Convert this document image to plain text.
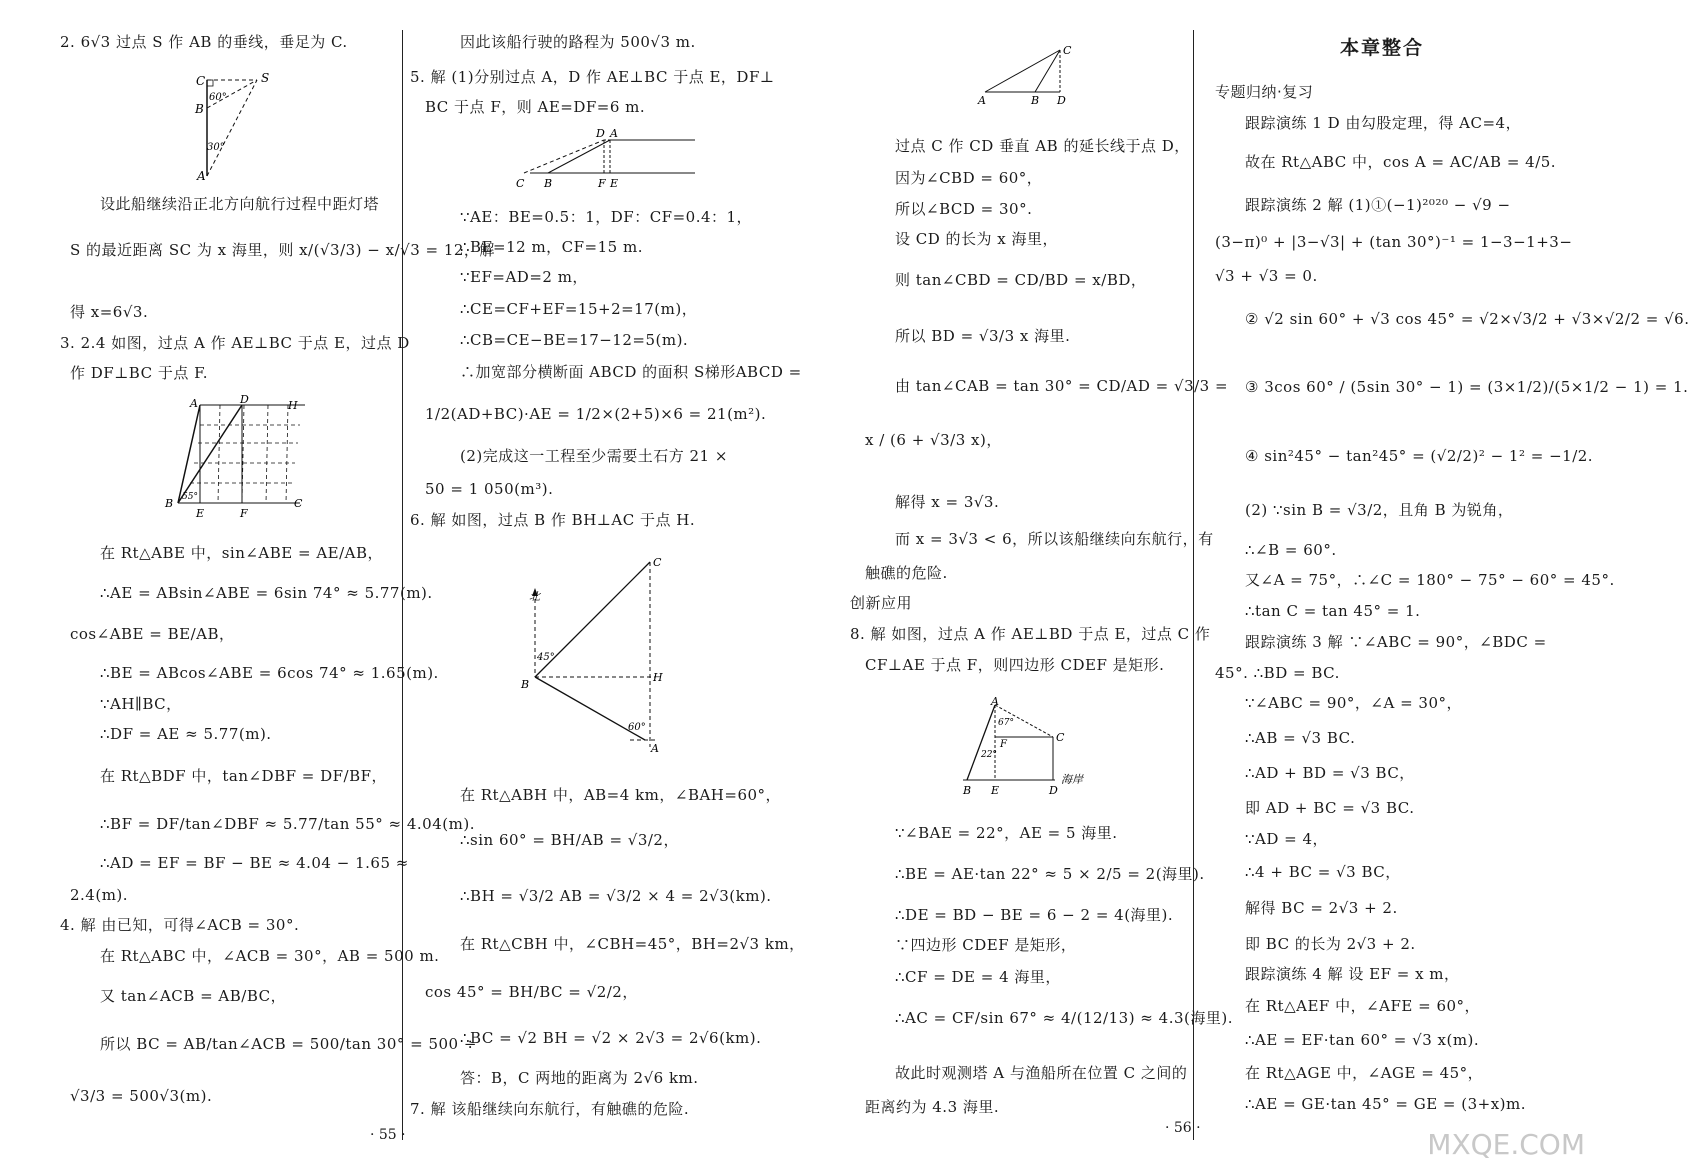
2. 6√3 过点 S 作 AB 的垂线，垂足为 C.
设此船继续沿正北方向航行过程中距灯塔
S 的最近距离 SC 为 x 海里，则 x/(√3/3) − x/√3 = 12，解
得 x=6√3.
3. 2.4 如图，过点 A 作 AE⊥BC 于点 E，过点 D
作 DF⊥BC 于点 F.
在 Rt△ABE 中，sin∠ABE = AE/AB，
∴AE = ABsin∠ABE = 6sin 74° ≈ 5.77(m).
cos∠ABE = BE/AB，
∴BE = ABcos∠ABE = 6cos 74° ≈ 1.65(m).
∵AH∥BC，
∴DF = AE ≈ 5.77(m).
在 Rt△BDF 中，tan∠DBF = DF/BF，
∴BF = DF/tan∠DBF ≈ 5.77/tan 55° ≈ 4.04(m).
∴AD = EF = BF − BE ≈ 4.04 − 1.65 ≈
2.4(m).
4. 解 由已知，可得∠ACB = 30°.
在 Rt△ABC 中，∠ACB = 30°，AB = 500 m.
又 tan∠ACB = AB/BC，
所以 BC = AB/tan∠ACB = 500/tan 30° = 500 ÷
√3/3 = 500√3(m).
因此该船行驶的路程为 500√3 m.
5. 解 (1)分别过点 A，D 作 AE⊥BC 于点 E，DF⊥
BC 于点 F，则 AE=DF=6 m.
∵AE：BE=0.5：1，DF：CF=0.4：1，
∴BE=12 m，CF=15 m.
∵EF=AD=2 m，
∴CE=CF+EF=15+2=17(m)，
∴CB=CE−BE=17−12=5(m).
∴加宽部分横断面 ABCD 的面积 S梯形ABCD =
1/2(AD+BC)·AE = 1/2×(2+5)×6 = 21(m²).
(2)完成这一工程至少需要土石方 21 ×
50 = 1 050(m³).
6. 解 如图，过点 B 作 BH⊥AC 于点 H.
在 Rt△ABH 中，AB=4 km，∠BAH=60°，
∴sin 60° = BH/AB = √3/2，
∴BH = √3/2 AB = √3/2 × 4 = 2√3(km).
在 Rt△CBH 中，∠CBH=45°，BH=2√3 km，
cos 45° = BH/BC = √2/2，
∴BC = √2 BH = √2 × 2√3 = 2√6(km).
答：B，C 两地的距离为 2√6 km.
7. 解 该船继续向东航行，有触礁的危险.
过点 C 作 CD 垂直 AB 的延长线于点 D，
因为∠CBD = 60°，
所以∠BCD = 30°.
设 CD 的长为 x 海里，
则 tan∠CBD = CD/BD = x/BD，
所以 BD = √3/3 x 海里.
由 tan∠CAB = tan 30° = CD/AD = √3/3 =
x / (6 + √3/3 x)，
解得 x = 3√3.
而 x = 3√3 < 6，所以该船继续向东航行，有
触礁的危险.
创新应用
8. 解 如图，过点 A 作 AE⊥BD 于点 E，过点 C 作
CF⊥AE 于点 F，则四边形 CDEF 是矩形.
∵∠BAE = 22°，AE = 5 海里.
∴BE = AE·tan 22° ≈ 5 × 2/5 = 2(海里).
∴DE = BD − BE = 6 − 2 = 4(海里).
∵四边形 CDEF 是矩形，
∴CF = DE = 4 海里，
∴AC = CF/sin 67° ≈ 4/(12/13) ≈ 4.3(海里).
故此时观测塔 A 与渔船所在位置 C 之间的
距离约为 4.3 海里.
本章整合
专题归纳·复习
跟踪演练 1 D 由勾股定理，得 AC=4，
故在 Rt△ABC 中，cos A = AC/AB = 4/5.
跟踪演练 2 解 (1)①(−1)²⁰²⁰ − √9 −
(3−π)⁰ + |3−√3| + (tan 30°)⁻¹ = 1−3−1+3−
√3 + √3 = 0.
② √2 sin 60° + √3 cos 45° = √2×√3/2 + √3×√2/2 = √6.
③ 3cos 60° / (5sin 30° − 1) = (3×1/2)/(5×1/2 − 1) = 1.
④ sin²45° − tan²45° = (√2/2)² − 1² = −1/2.
(2) ∵sin B = √3/2，且角 B 为锐角，
∴∠B = 60°.
又∠A = 75°，∴∠C = 180° − 75° − 60° = 45°.
∴tan C = tan 45° = 1.
跟踪演练 3 解 ∵∠ABC = 90°，∠BDC =
45°. ∴BD = BC.
∵∠ABC = 90°，∠A = 30°，
∴AB = √3 BC.
∴AD + BD = √3 BC，
即 AD + BC = √3 BC.
∵AD = 4，
∴4 + BC = √3 BC，
解得 BC = 2√3 + 2.
即 BC 的长为 2√3 + 2.
跟踪演练 4 解 设 EF = x m，
在 Rt△AEF 中，∠AFE = 60°，
∴AE = EF·tan 60° = √3 x(m).
在 Rt△AGE 中，∠AGE = 45°，
∴AE = GE·tan 45° = GE = (3+x)m.
C	S
B
A
60°
30°
A	D	H
B
E	F
C
55°
D A
C B	F E
北
C
B
H
A
45°
60°
C
A	B D
A
C
F
B E	D
67°
22°
海岸
· 55 ·	· 56 ·	MXQE.COM
